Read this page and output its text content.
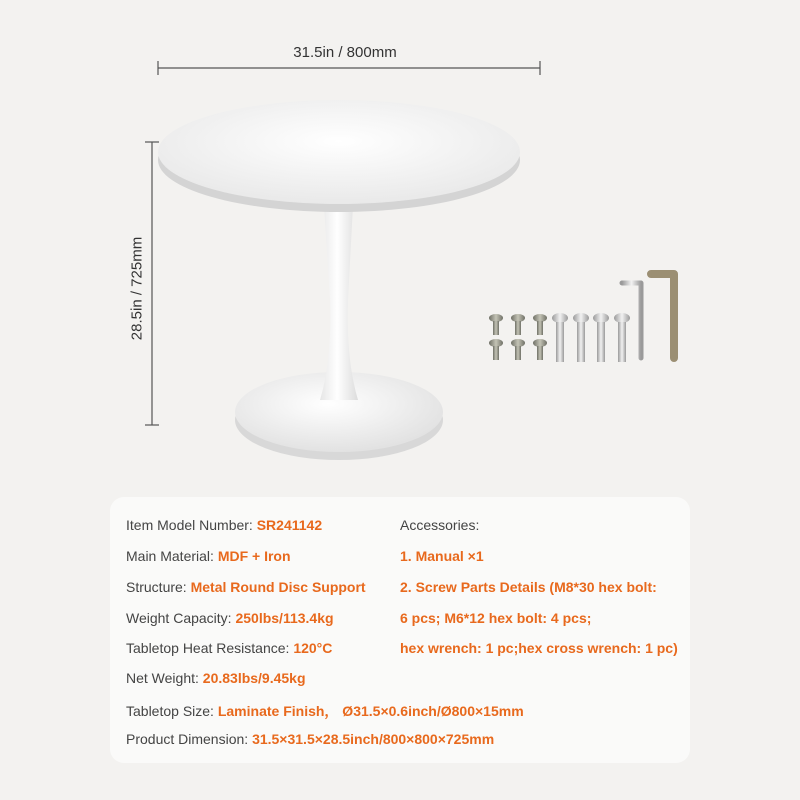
31.5in / 800mm
28.5in / 725mm
Item Model Number: SR241142
Main Material: MDF + Iron
Structure: Metal Round Disc Support
Weight Capacity: 250lbs/113.4kg
Tabletop Heat Resistance: 120°C
Net Weight: 20.83lbs/9.45kg
Tabletop Size: Laminate Finish， Ø31.5×0.6inch/Ø800×15mm
Product Dimension: 31.5×31.5×28.5inch/800×800×725mm
Accessories:
1. Manual ×1
2. Screw Parts Details (M8*30 hex bolt:
6 pcs; M6*12 hex bolt: 4 pcs;
hex wrench: 1 pc;hex cross wrench: 1 pc)
